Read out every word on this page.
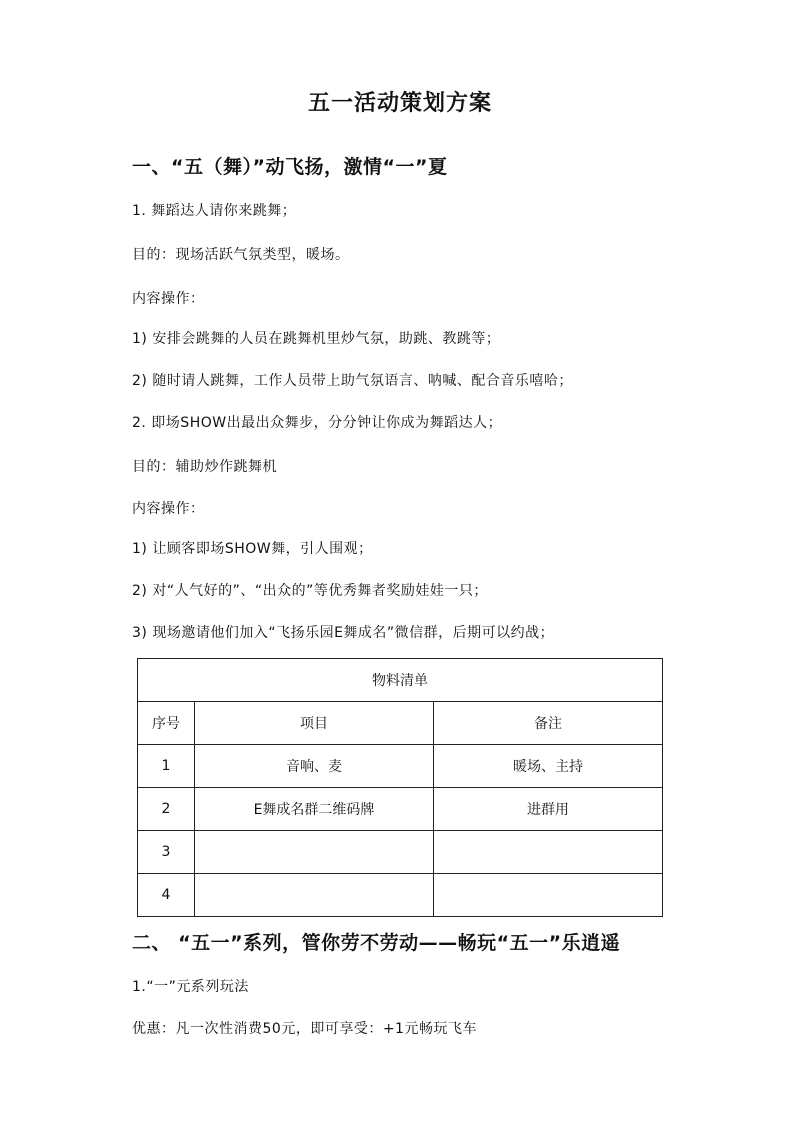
五一活动策划方案
一、“五（舞）”动飞扬，激情“一”夏
1. 舞蹈达人请你来跳舞；
目的：现场活跃气氛类型，暖场。
内容操作：
1) 安排会跳舞的人员在跳舞机里炒气氛，助跳、教跳等；
2) 随时请人跳舞，工作人员带上助气氛语言、呐喊、配合音乐嘻哈；
2. 即场SHOW出最出众舞步，分分钟让你成为舞蹈达人；
目的：辅助炒作跳舞机
内容操作：
1) 让顾客即场SHOW舞，引人围观；
2) 对“人气好的”、“出众的”等优秀舞者奖励娃娃一只；
3) 现场邀请他们加入“飞扬乐园E舞成名”微信群，后期可以约战；
物料清单		
序号	项目	备注
1	音响、麦	暖场、主持
2	E舞成名群二维码牌	进群用
3		
4		
二、 “五一”系列，管你劳不劳动——畅玩“五一”乐逍遥
1.“一”元系列玩法
优惠：凡一次性消费50元，即可享受：+1元畅玩飞车
